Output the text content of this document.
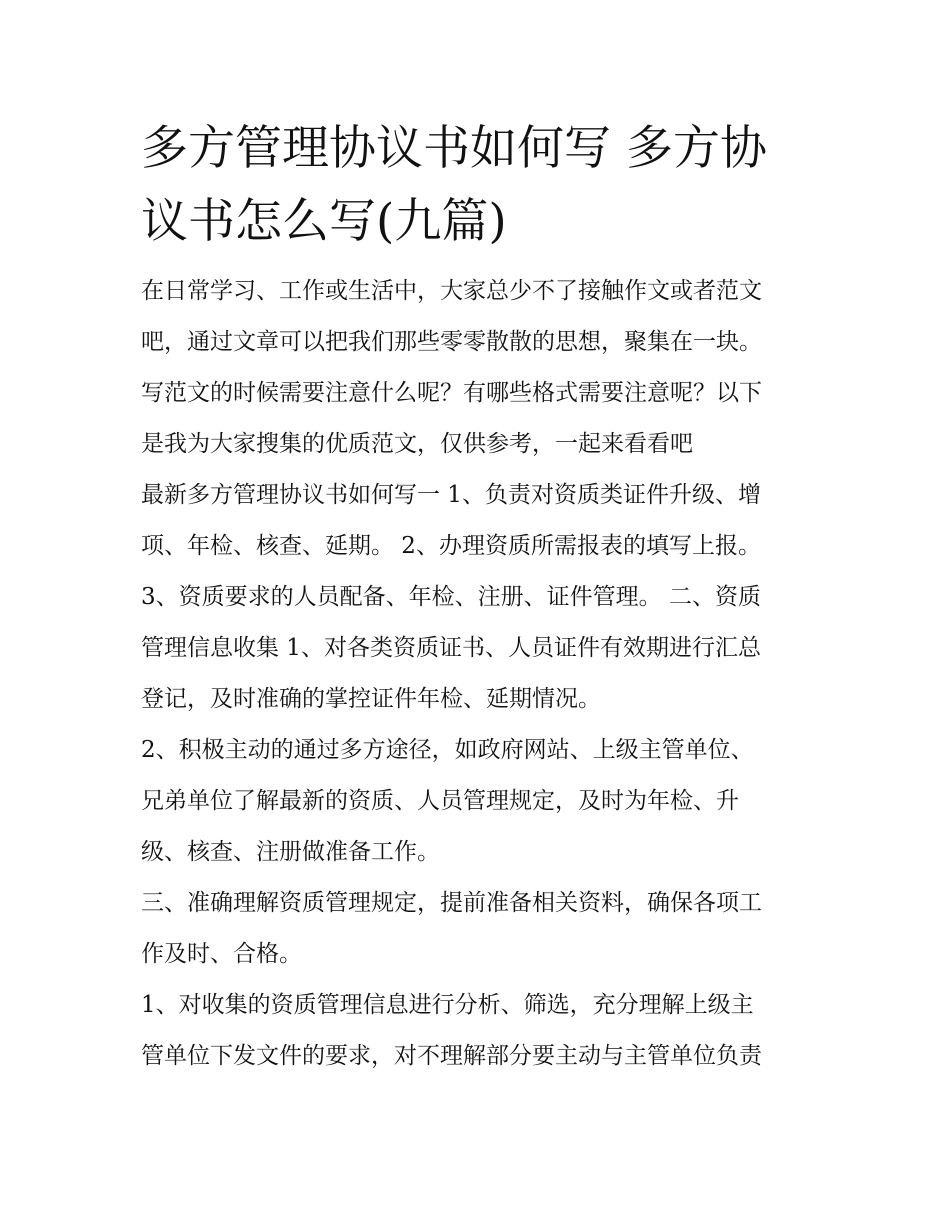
多方管理协议书如何写 多方协
议书怎么写(九篇)

在日常学习、工作或生活中，大家总少不了接触作文或者范文
吧，通过文章可以把我们那些零零散散的思想，聚集在一块。
写范文的时候需要注意什么呢？有哪些格式需要注意呢？以下
是我为大家搜集的优质范文，仅供参考，一起来看看吧

最新多方管理协议书如何写一 1、负责对资质类证件升级、增
项、年检、核查、延期。 2、办理资质所需报表的填写上报。
3、资质要求的人员配备、年检、注册、证件管理。 二、资质
管理信息收集 1、对各类资质证书、人员证件有效期进行汇总
登记，及时准确的掌控证件年检、延期情况。

2、积极主动的通过多方途径，如政府网站、上级主管单位、
兄弟单位了解最新的资质、人员管理规定，及时为年检、升
级、核查、注册做准备工作。

三、准确理解资质管理规定，提前准备相关资料，确保各项工
作及时、合格。

1、对收集的资质管理信息进行分析、筛选，充分理解上级主
管单位下发文件的要求，对不理解部分要主动与主管单位负责
